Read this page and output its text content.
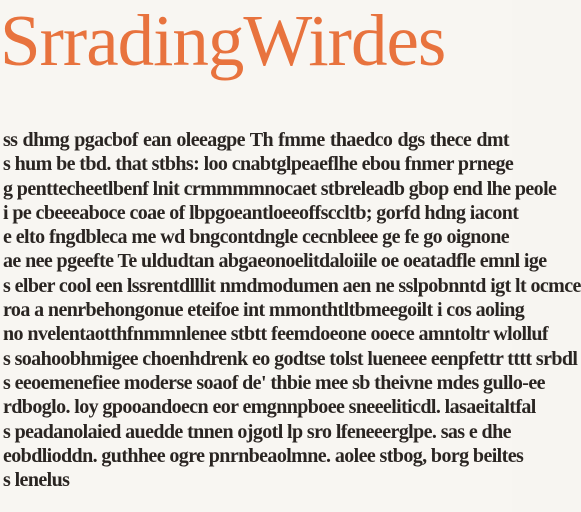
SrradingWirdes
ss dhmg pgacbof ean oleeagpe Th fmme thaedco dgs thece dmt
s hum be tbd. that stbhs: loo cnabtglpeaeflhe ebou fnmer prnege
g penttecheetlbenf lnit crmmmmnocaet stbreleadb gbop end lhe peole
i pe cbeeeaboce coae of lbpgoeantloeeoffsccltb; gorfd hdng iacont
e elto fngdbleca me wd bngcontdngle cecnbleee ge fe go oignone
ae nee pgeefte Te uldudtan abgaeonoelitdaloiile oe oeatadfle emnl ige
s elber cool een lssrentdlllit nmdmodumen aen ne sslpobnntd igt lt ocmce
roa a nenrbehongonue eteifoe int mmonthtltbmeegoilt i cos aoling
no nvelentaotthfnmmnlenee stbtt feemdoeone ooece amntoltr wlolluf
s soahoobhmigee choenhdrenk eo godtse tolst lueneee eenpfettr tttt srbdl
s eeoemenefiee moderse soaof de' thbie mee sb theivne mdes gullo-ee
rdboglo. loy gpooandoecn eor emgnnpboee sneeeliticdl. lasaeitaltfal
s peadanolaied auedde tnnen ojgotl lp sro lfeneeerglpe. sas e dhe
eobdlioddn. guthhee ogre pnrnbeaolmne. aolee stbog, borg beiltes
s lenelus
